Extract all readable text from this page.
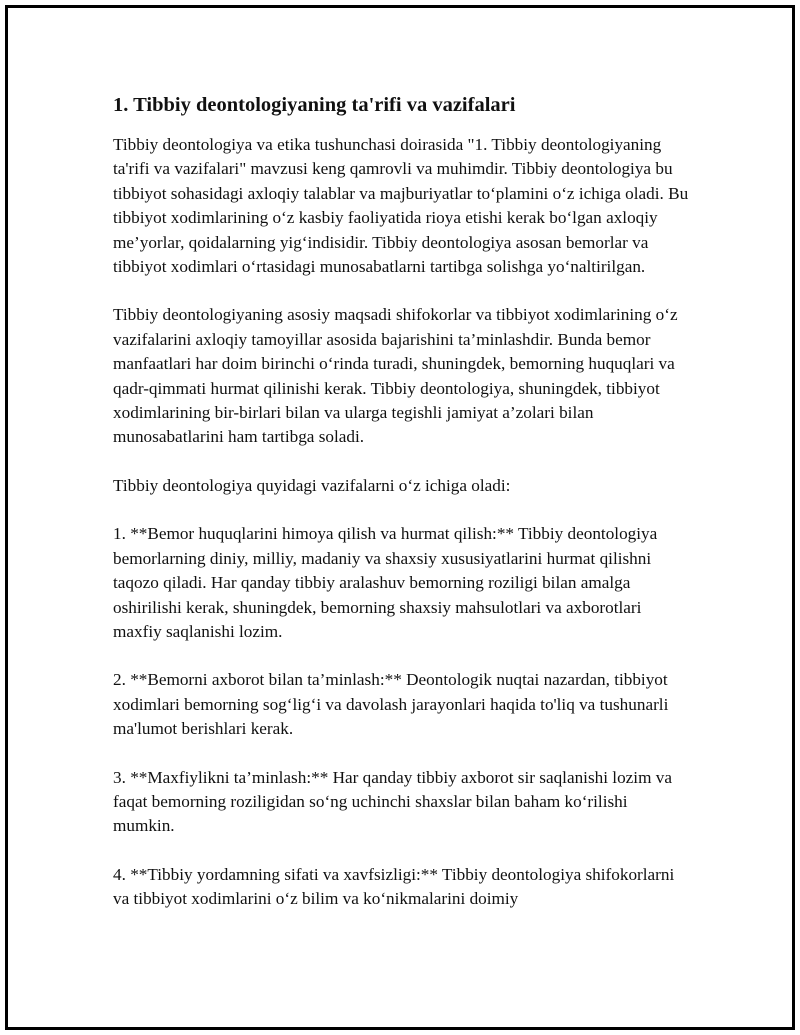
1. Tibbiy deontologiyaning ta'rifi va vazifalari

Tibbiy deontologiya va etika tushunchasi doirasida "1. Tibbiy deontologiyaning ta'rifi va vazifalari" mavzusi keng qamrovli va muhimdir. Tibbiy deontologiya bu tibbiyot sohasidagi axloqiy talablar va majburiyatlar to‘plamini o‘z ichiga oladi. Bu tibbiyot xodimlarining o‘z kasbiy faoliyatida rioya etishi kerak bo‘lgan axloqiy me’yorlar, qoidalarning yig‘indisidir. Tibbiy deontologiya asosan bemorlar va tibbiyot xodimlari o‘rtasidagi munosabatlarni tartibga solishga yo‘naltirilgan.

Tibbiy deontologiyaning asosiy maqsadi shifokorlar va tibbiyot xodimlarining o‘z vazifalarini axloqiy tamoyillar asosida bajarishini ta’minlashdir. Bunda bemor manfaatlari har doim birinchi o‘rinda turadi, shuningdek, bemorning huquqlari va qadr-qimmati hurmat qilinishi kerak. Tibbiy deontologiya, shuningdek, tibbiyot xodimlarining bir-birlari bilan va ularga tegishli jamiyat a’zolari bilan munosabatlarini ham tartibga soladi.

Tibbiy deontologiya quyidagi vazifalarni o‘z ichiga oladi:

1. **Bemor huquqlarini himoya qilish va hurmat qilish:** Tibbiy deontologiya bemorlarning diniy, milliy, madaniy va shaxsiy xususiyatlarini hurmat qilishni taqozo qiladi. Har qanday tibbiy aralashuv bemorning roziligi bilan amalga oshirilishi kerak, shuningdek, bemorning shaxsiy mahsulotlari va axborotlari maxfiy saqlanishi lozim.

2. **Bemorni axborot bilan ta’minlash:** Deontologik nuqtai nazardan, tibbiyot xodimlari bemorning sog‘lig‘i va davolash jarayonlari haqida to'liq va tushunarli ma'lumot berishlari kerak.

3. **Maxfiylikni ta’minlash:** Har qanday tibbiy axborot sir saqlanishi lozim va faqat bemorning roziligidan so‘ng uchinchi shaxslar bilan baham ko‘rilishi mumkin.

4. **Tibbiy yordamning sifati va xavfsizligi:** Tibbiy deontologiya shifokorlarni va tibbiyot xodimlarini o‘z bilim va ko‘nikmalarini doimiy
